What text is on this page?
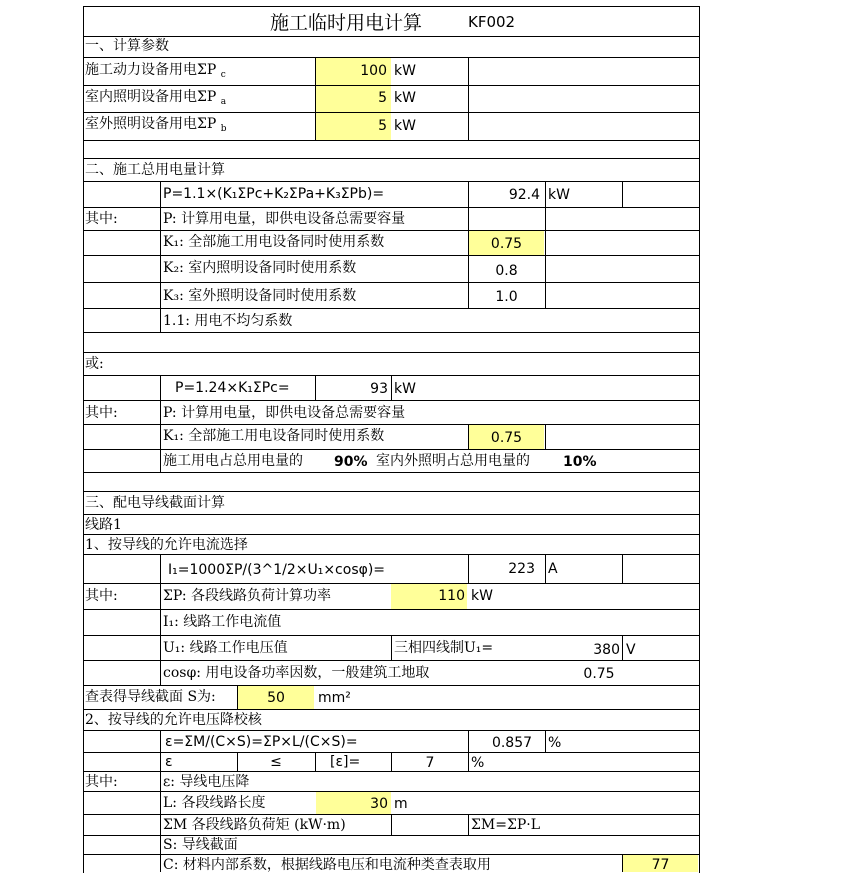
施工临时用电计算	KF002
一、计算参数
施工动力设备用电ΣP $_c$	100 kW
室内照明设备用电ΣP $_a$	5 kW
室外照明设备用电ΣP $_b$	5 kW
二、施工总用电量计算
P=1.1×(K₁ΣPc+K₂ΣPa+K₃ΣPb)=	92.4 kW
其中:	P: 计算用电量，即供电设备总需要容量
K₁: 全部施工用电设备同时使用系数	0.75
K₂: 室内照明设备同时使用系数	0.8
K₃: 室外照明设备同时使用系数	1.0
1.1: 用电不均匀系数
或:
P=1.24×K₁ΣPc=	93 kW
其中:	P: 计算用电量，即供电设备总需要容量
K₁: 全部施工用电设备同时使用系数	0.75
施工用电占总用电量的 90% 室内外照明占总用电量的 10%
三、配电导线截面计算
线路1
1、按导线的允许电流选择
I₁=1000ΣP/(3^1/2×U₁×cosφ)=	223 A
其中:	ΣP: 各段线路负荷计算功率	110 kW
I₁: 线路工作电流值
U₁: 线路工作电压值	三相四线制U₁=	380 V
cosφ: 用电设备功率因数，一般建筑工地取	0.75
查表得导线截面 S为:	50	mm²
2、按导线的允许电压降校核
ε=ΣM/(C×S)=ΣP×L/(C×S)=	0.857	%
ε	≤	[ε]=	7	%
其中:	ε: 导线电压降
L: 各段线路长度	30 m
ΣM 各段线路负荷矩 (kW·m)	ΣM=ΣP·L
S: 导线截面
C: 材料内部系数，根据线路电压和电流种类查表取用	77
